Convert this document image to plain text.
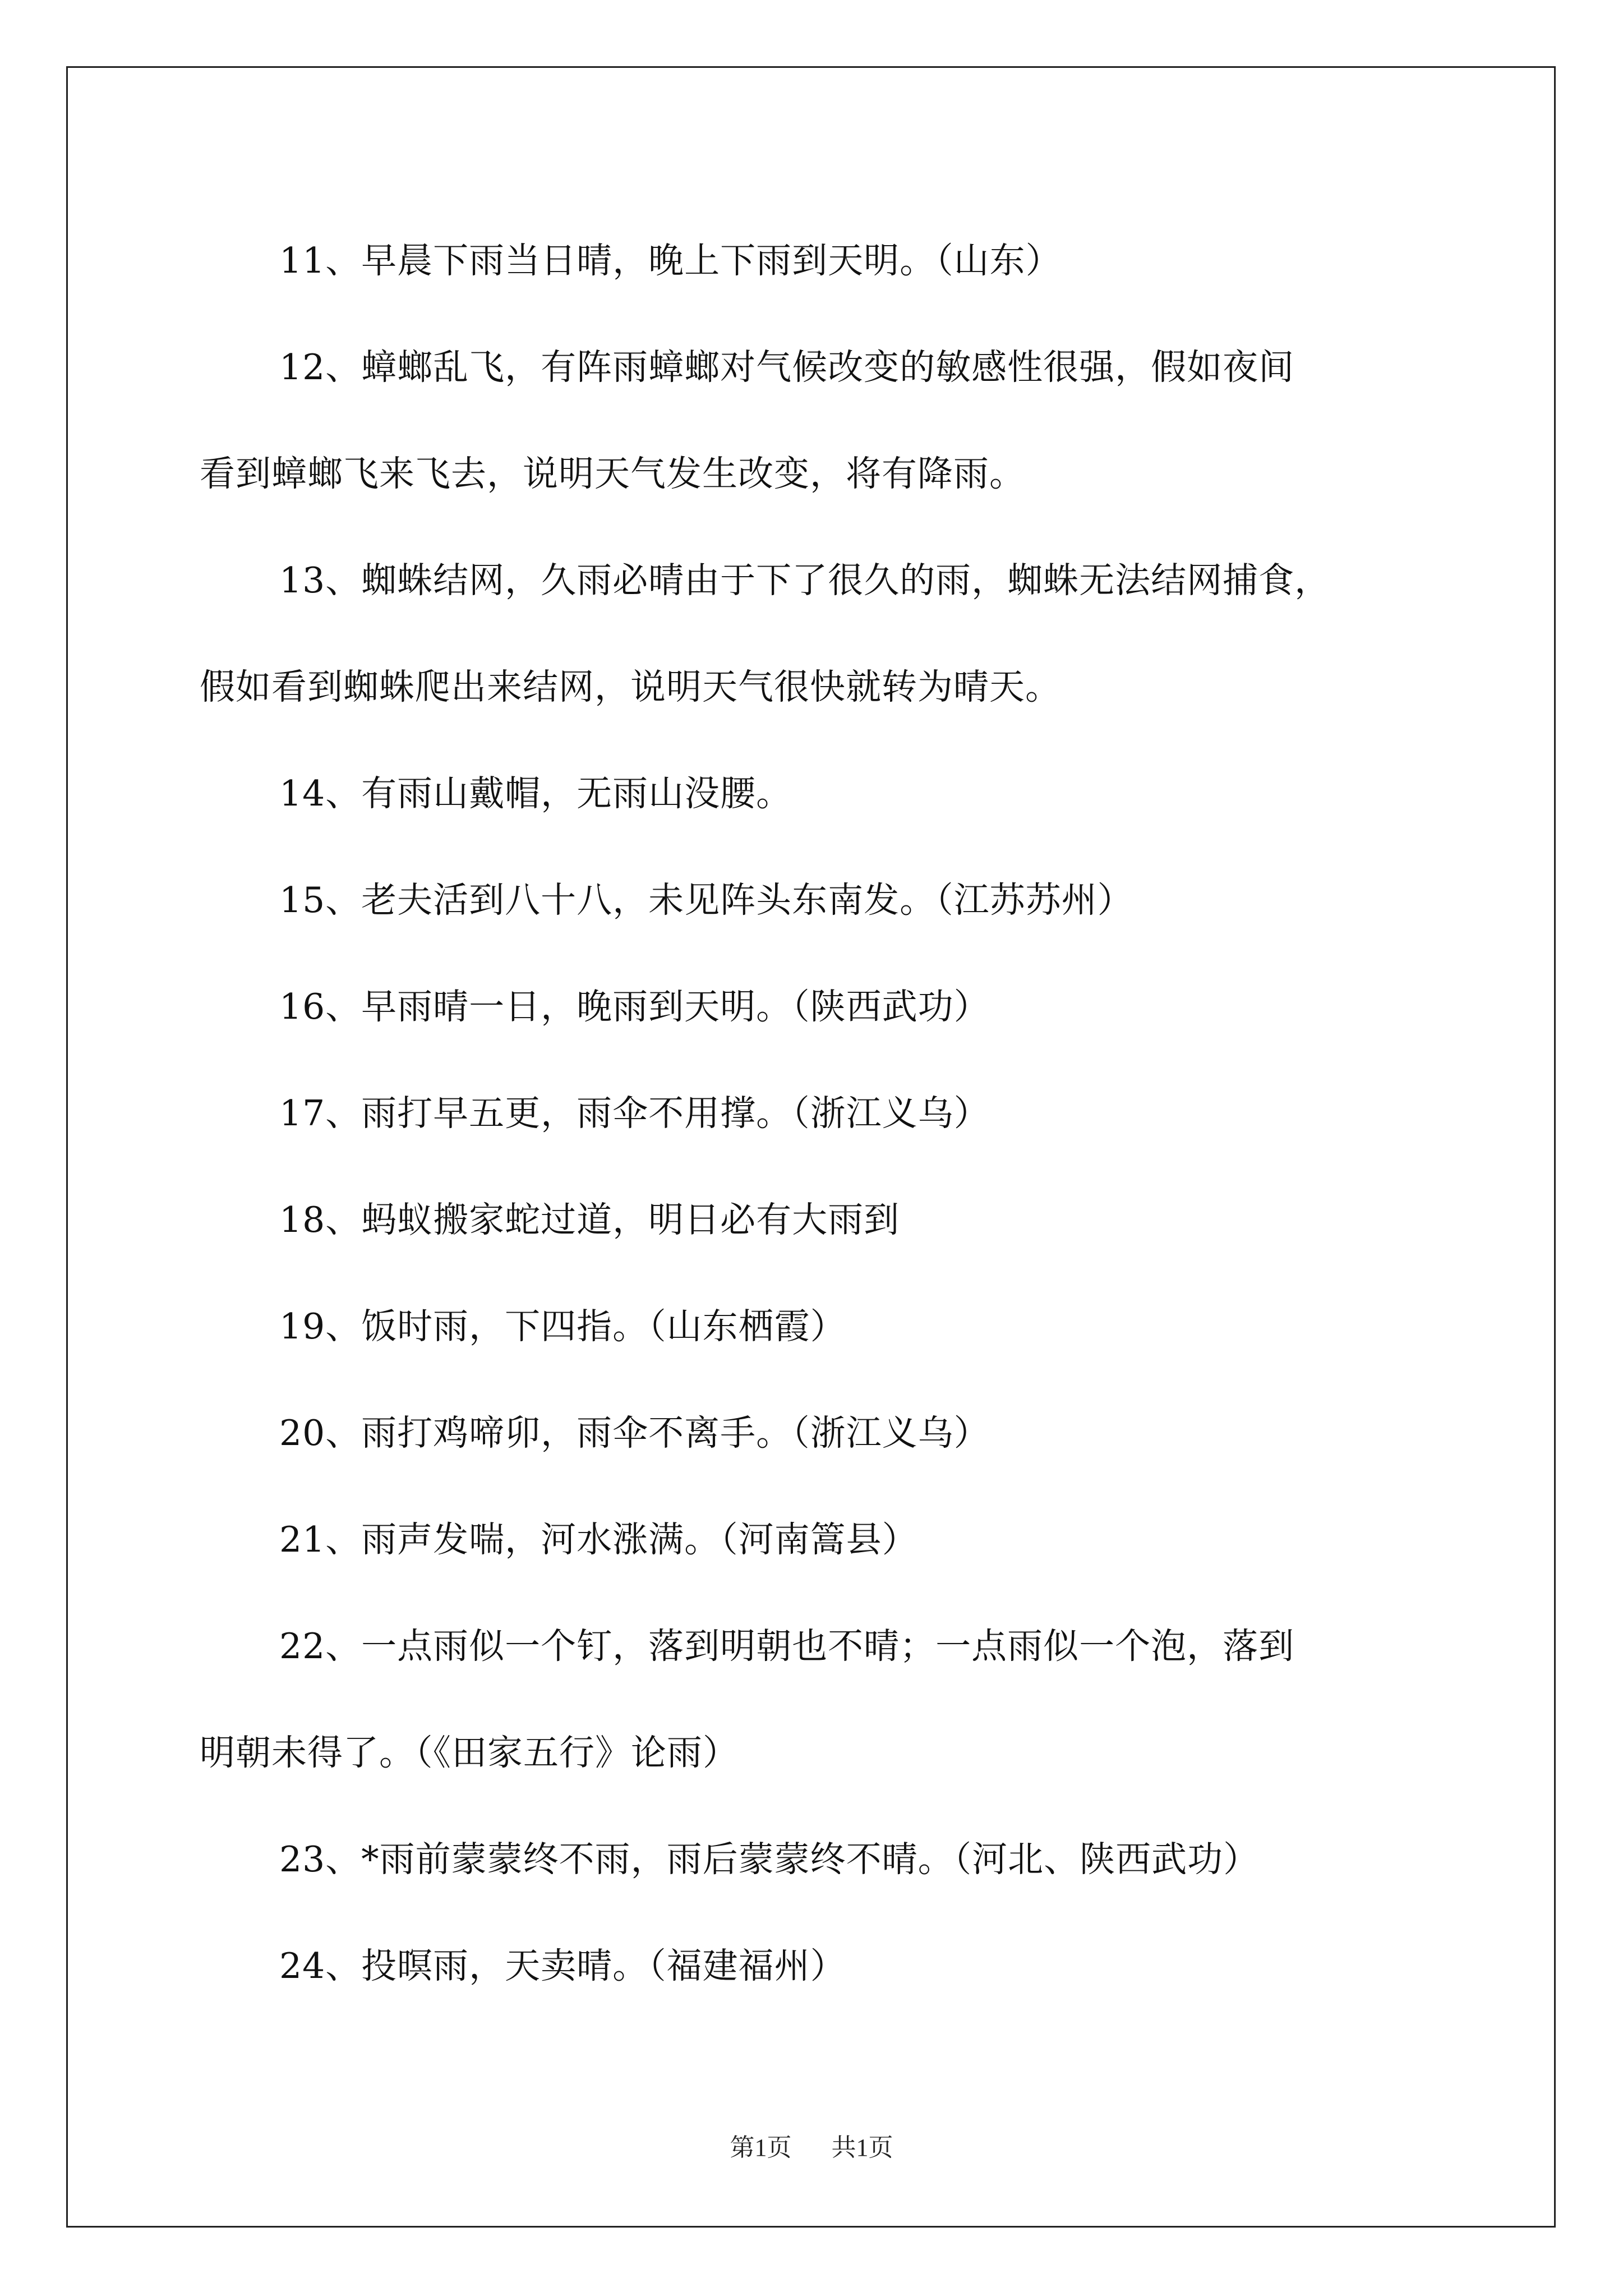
11、早晨下雨当日晴，晚上下雨到天明。（山东）

12、蟑螂乱飞，有阵雨蟑螂对气候改变的敏感性很强，假如夜间

看到蟑螂飞来飞去，说明天气发生改变，将有降雨。

13、蜘蛛结网，久雨必晴由于下了很久的雨，蜘蛛无法结网捕食，

假如看到蜘蛛爬出来结网，说明天气很快就转为晴天。

14、有雨山戴帽，无雨山没腰。

15、老夫活到八十八，未见阵头东南发。（江苏苏州）

16、早雨晴一日，晚雨到天明。（陕西武功）

17、雨打早五更，雨伞不用撑。（浙江义乌）

18、蚂蚁搬家蛇过道，明日必有大雨到

19、饭时雨，下四指。（山东栖霞）

20、雨打鸡啼卯，雨伞不离手。（浙江义乌）

21、雨声发喘，河水涨满。（河南篙县）

22、一点雨似一个钉，落到明朝也不晴；一点雨似一个泡，落到

明朝未得了。（《田家五行》论雨）

23、*雨前蒙蒙终不雨，雨后蒙蒙终不晴。（河北、陕西武功）

24、投暝雨，天卖晴。（福建福州）

第1页 共1页
